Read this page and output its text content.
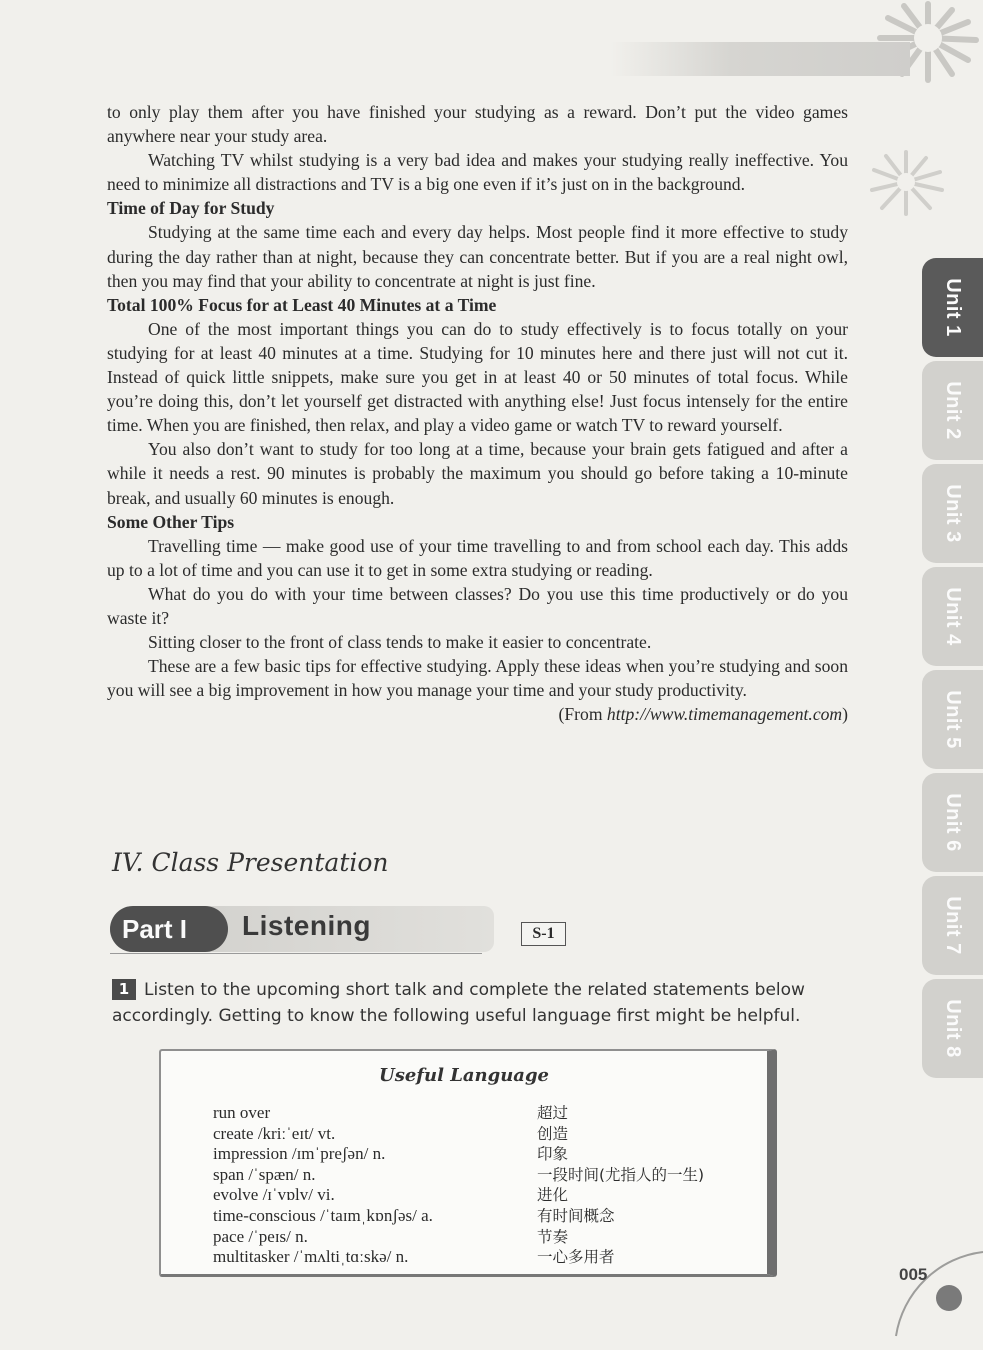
to only play them after you have finished your studying as a reward. Don’t put the video games anywhere near your study area.

Watching TV whilst studying is a very bad idea and makes your studying really ineffective. You need to minimize all distractions and TV is a big one even if it’s just on in the background.

Time of Day for Study

Studying at the same time each and every day helps. Most people find it more effective to study during the day rather than at night, because they can concentrate better. But if you are a real night owl, then you may find that your ability to concentrate at night is just fine.

Total 100% Focus for at Least 40 Minutes at a Time

One of the most important things you can do to study effectively is to focus totally on your studying for at least 40 minutes at a time. Studying for 10 minutes here and there just will not cut it. Instead of quick little snippets, make sure you get in at least 40 or 50 minutes of total focus. While you’re doing this, don’t let yourself get distracted with anything else! Just focus intensely for the entire time. When you are finished, then relax, and play a video game or watch TV to reward yourself.

You also don’t want to study for too long at a time, because your brain gets fatigued and after a while it needs a rest. 90 minutes is probably the maximum you should go before taking a 10-minute break, and usually 60 minutes is enough.

Some Other Tips

Travelling time — make good use of your time travelling to and from school each day. This adds up to a lot of time and you can use it to get in some extra studying or reading.

What do you do with your time between classes? Do you use this time productively or do you waste it?

Sitting closer to the front of class tends to make it easier to concentrate.

These are a few basic tips for effective studying. Apply these ideas when you’re studying and soon you will see a big improvement in how you manage your time and your study productivity.

(From http://www.timemanagement.com)

Unit 1
Unit 2
Unit 3
Unit 4
Unit 5
Unit 6
Unit 7
Unit 8
IV. Class Presentation
Part I	Listening	S-1
1 Listen to the upcoming short talk and complete the related statements below accordingly. Getting to know the following useful language first might be helpful.
Useful Language
run over	超过
create /kriːˈeɪt/ vt.	创造
impression /ɪmˈpreʃən/ n.	印象
span /ˈspæn/ n.	一段时间(尤指人的一生)
evolve /ɪˈvɒlv/ vi.	进化
time-conscious /ˈtaɪmˌkɒnʃəs/ a.	有时间概念
pace /ˈpeɪs/ n.	节奏
multitasker /ˈmʌltiˌtɑːskə/ n.	一心多用者
005
